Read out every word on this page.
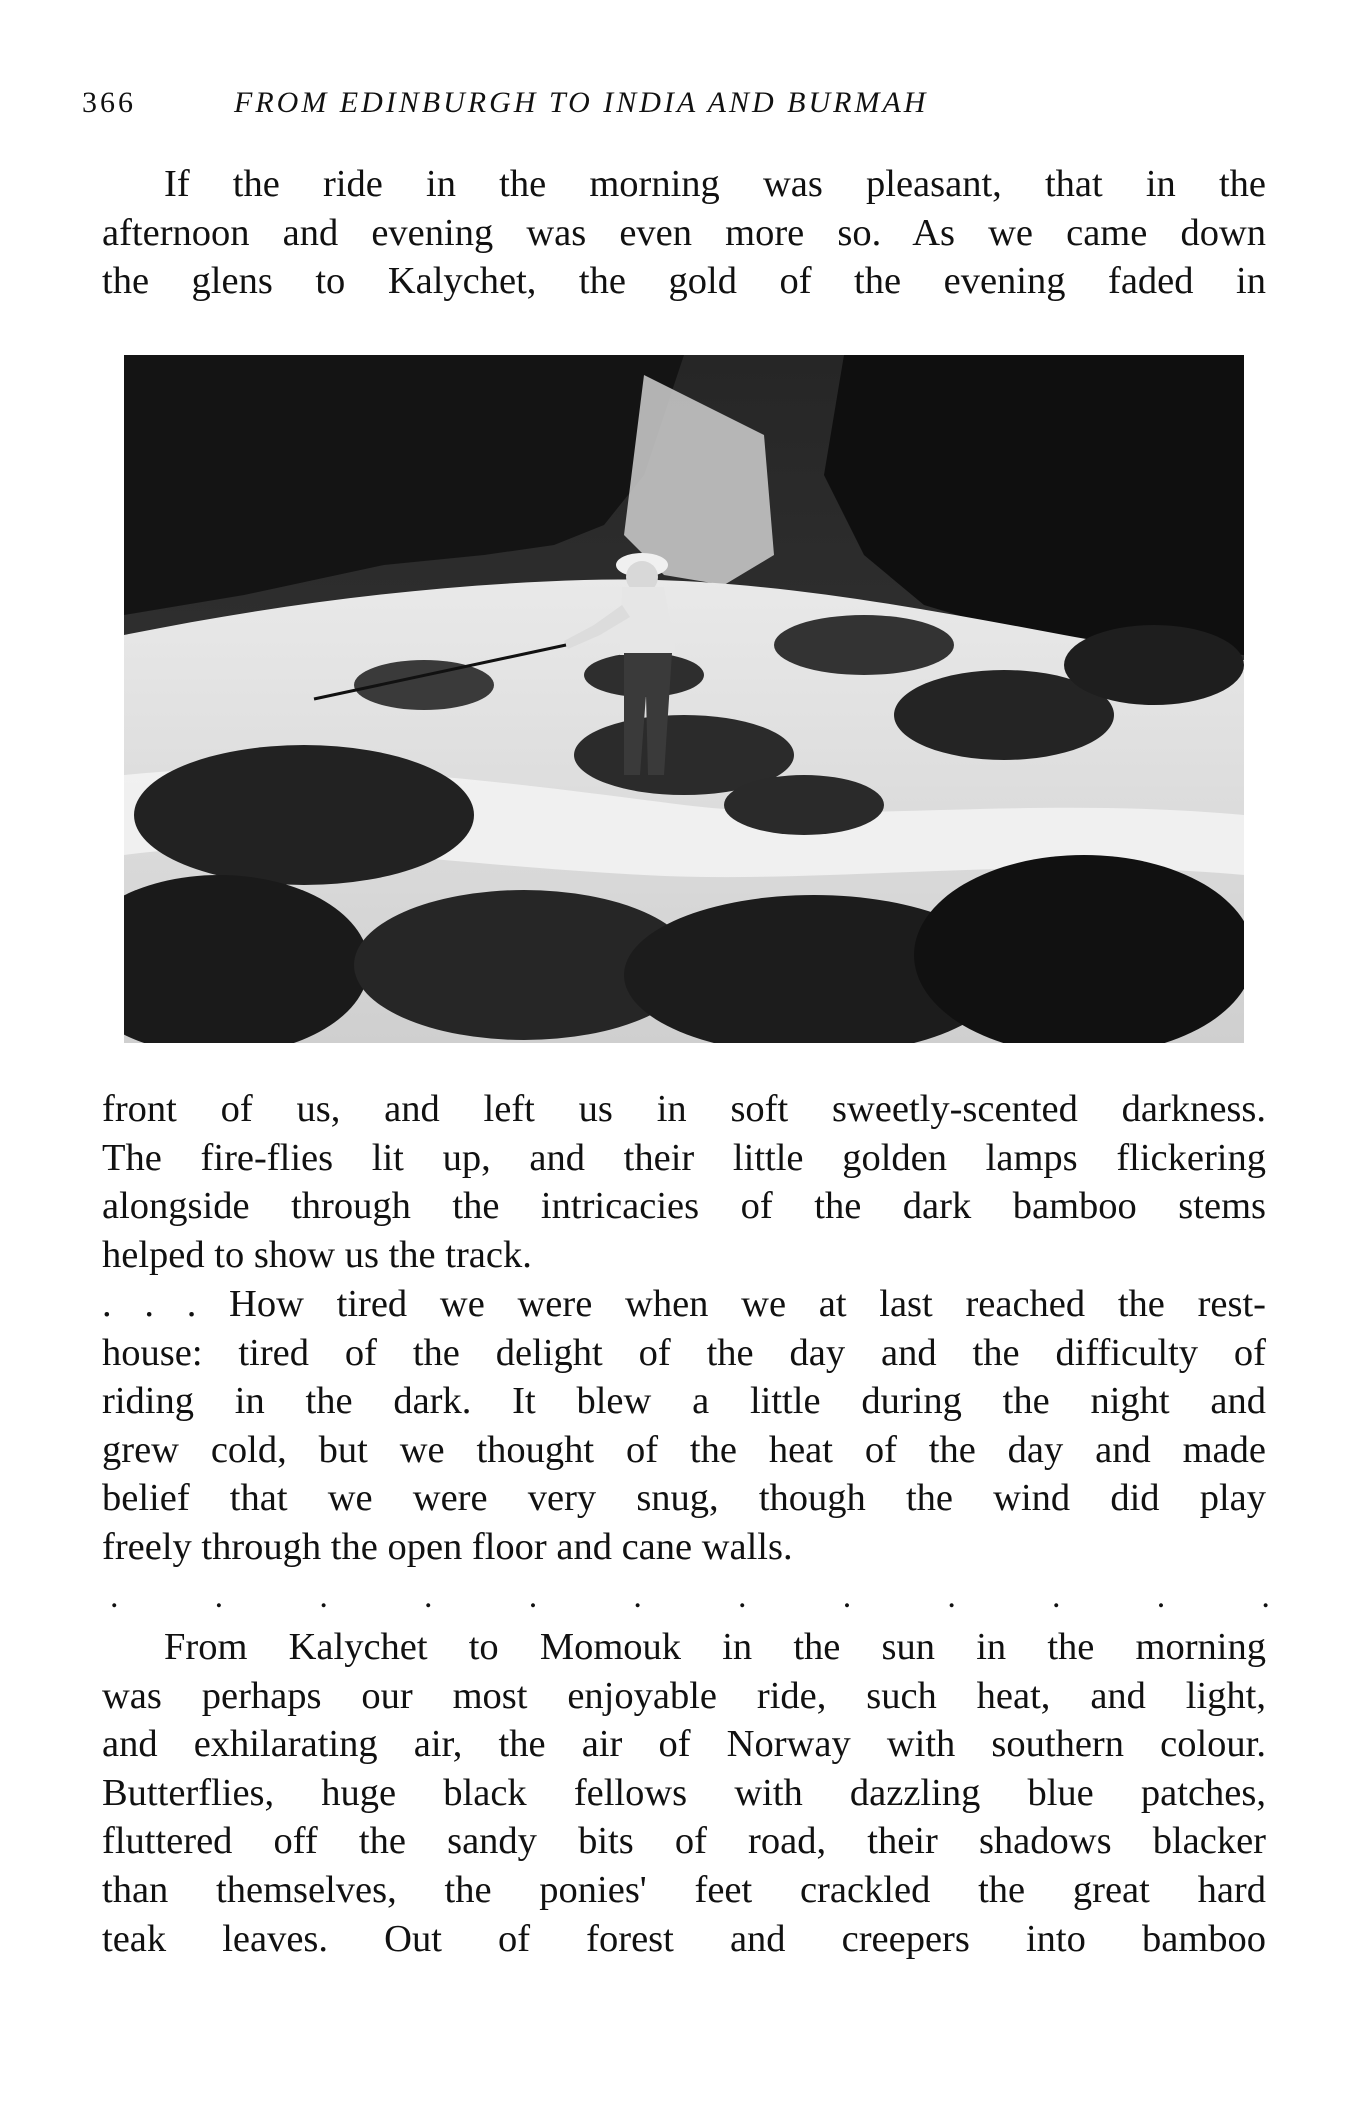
366	FROM EDINBURGH TO INDIA AND BURMAH
If the ride in the morning was pleasant, that in the
afternoon and evening was even more so. As we came down
the glens to Kalychet, the gold of the evening faded in
front of us, and left us in soft sweetly-scented darkness.
The fire-flies lit up, and their little golden lamps flickering
alongside through the intricacies of the dark bamboo stems
helped to show us the track.
. . . How tired we were when we at last reached the rest-
house: tired of the delight of the day and the difficulty of
riding in the dark. It blew a little during the night and
grew cold, but we thought of the heat of the day and made
belief that we were very snug, though the wind did play
freely through the open floor and cane walls.
.	.	.	.	.	.	.	.	.	.	.	.
From Kalychet to Momouk in the sun in the morning
was perhaps our most enjoyable ride, such heat, and light,
and exhilarating air, the air of Norway with southern colour.
Butterflies, huge black fellows with dazzling blue patches,
fluttered off the sandy bits of road, their shadows blacker
than themselves, the ponies' feet crackled the great hard
teak leaves. Out of forest and creepers into bamboo
